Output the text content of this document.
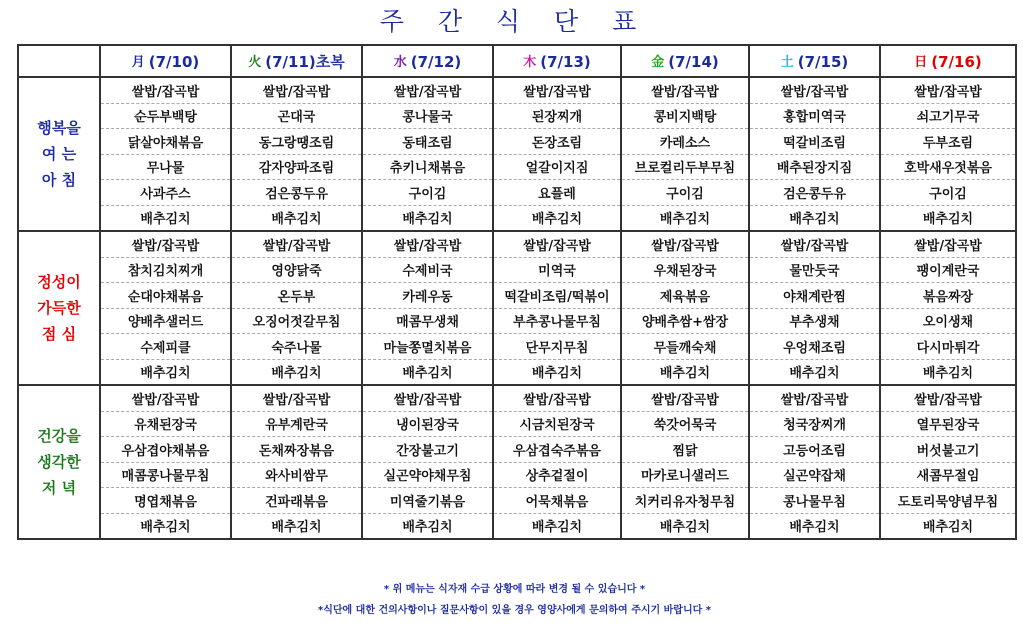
주 간 식 단 표
	月 (7/10)	火 (7/11)초복	水 (7/12)	木 (7/13)	金 (7/14)	土 (7/15)	日 (7/16)

행복을
여 는
아 침	쌀밥/잡곡밥	쌀밥/잡곡밥	쌀밥/잡곡밥	쌀밥/잡곡밥	쌀밥/잡곡밥	쌀밥/잡곡밥	쌀밥/잡곡밥
	순두부백탕	곤대국	콩나물국	된장찌개	콩비지백탕	홍합미역국	쇠고기무국
	닭살야채볶음	동그랑땡조림	동태조림	돈장조림	카레소스	떡갈비조림	두부조림
	무나물	감자양파조림	츄키니채볶음	얼갈이지짐	브로컬리두부무침	배추된장지짐	호박새우젓볶음
	사과주스	검은콩두유	구이김	요플레	구이김	검은콩두유	구이김
	배추김치	배추김치	배추김치	배추김치	배추김치	배추김치	배추김치

정성이
가득한
점 심	쌀밥/잡곡밥	쌀밥/잡곡밥	쌀밥/잡곡밥	쌀밥/잡곡밥	쌀밥/잡곡밥	쌀밥/잡곡밥	쌀밥/잡곡밥
	참치김치찌개	영양닭죽	수제비국	미역국	우채된장국	물만둣국	팽이계란국
	순대야채볶음	온두부	카레우동	떡갈비조림/떡볶이	제육볶음	야채계란찜	볶음짜장
	양배추샐러드	오징어젓갈무침	매콤무생채	부추콩나물무침	양배추쌈+쌈장	부추생채	오이생채
	수제피클	숙주나물	마늘쫑멸치볶음	단무지무침	무들깨숙채	우엉채조림	다시마튀각
	배추김치	배추김치	배추김치	배추김치	배추김치	배추김치	배추김치

건강을
생각한
저 녁	쌀밥/잡곡밥	쌀밥/잡곡밥	쌀밥/잡곡밥	쌀밥/잡곡밥	쌀밥/잡곡밥	쌀밥/잡곡밥	쌀밥/잡곡밥
	유채된장국	유부계란국	냉이된장국	시금치된장국	쑥갓어묵국	청국장찌개	열무된장국
	우삼겹야채볶음	돈채짜장볶음	간장불고기	우삼겹숙주볶음	찜닭	고등어조림	버섯불고기
	매콤콩나물무침	와사비쌈무	실곤약야채무침	상추겉절이	마카로니샐러드	실곤약잡채	새콤무절임
	명엽채볶음	건파래볶음	미역줄기볶음	어묵채볶음	치커리유자청무침	콩나물무침	도토리묵양념무침
	배추김치	배추김치	배추김치	배추김치	배추김치	배추김치	배추김치
* 위 메뉴는 식자재 수급 상황에 따라 변경 될 수 있습니다 *
*식단에 대한 건의사항이나 질문사항이 있을 경우 영양사에게 문의하여 주시기 바랍니다 *
